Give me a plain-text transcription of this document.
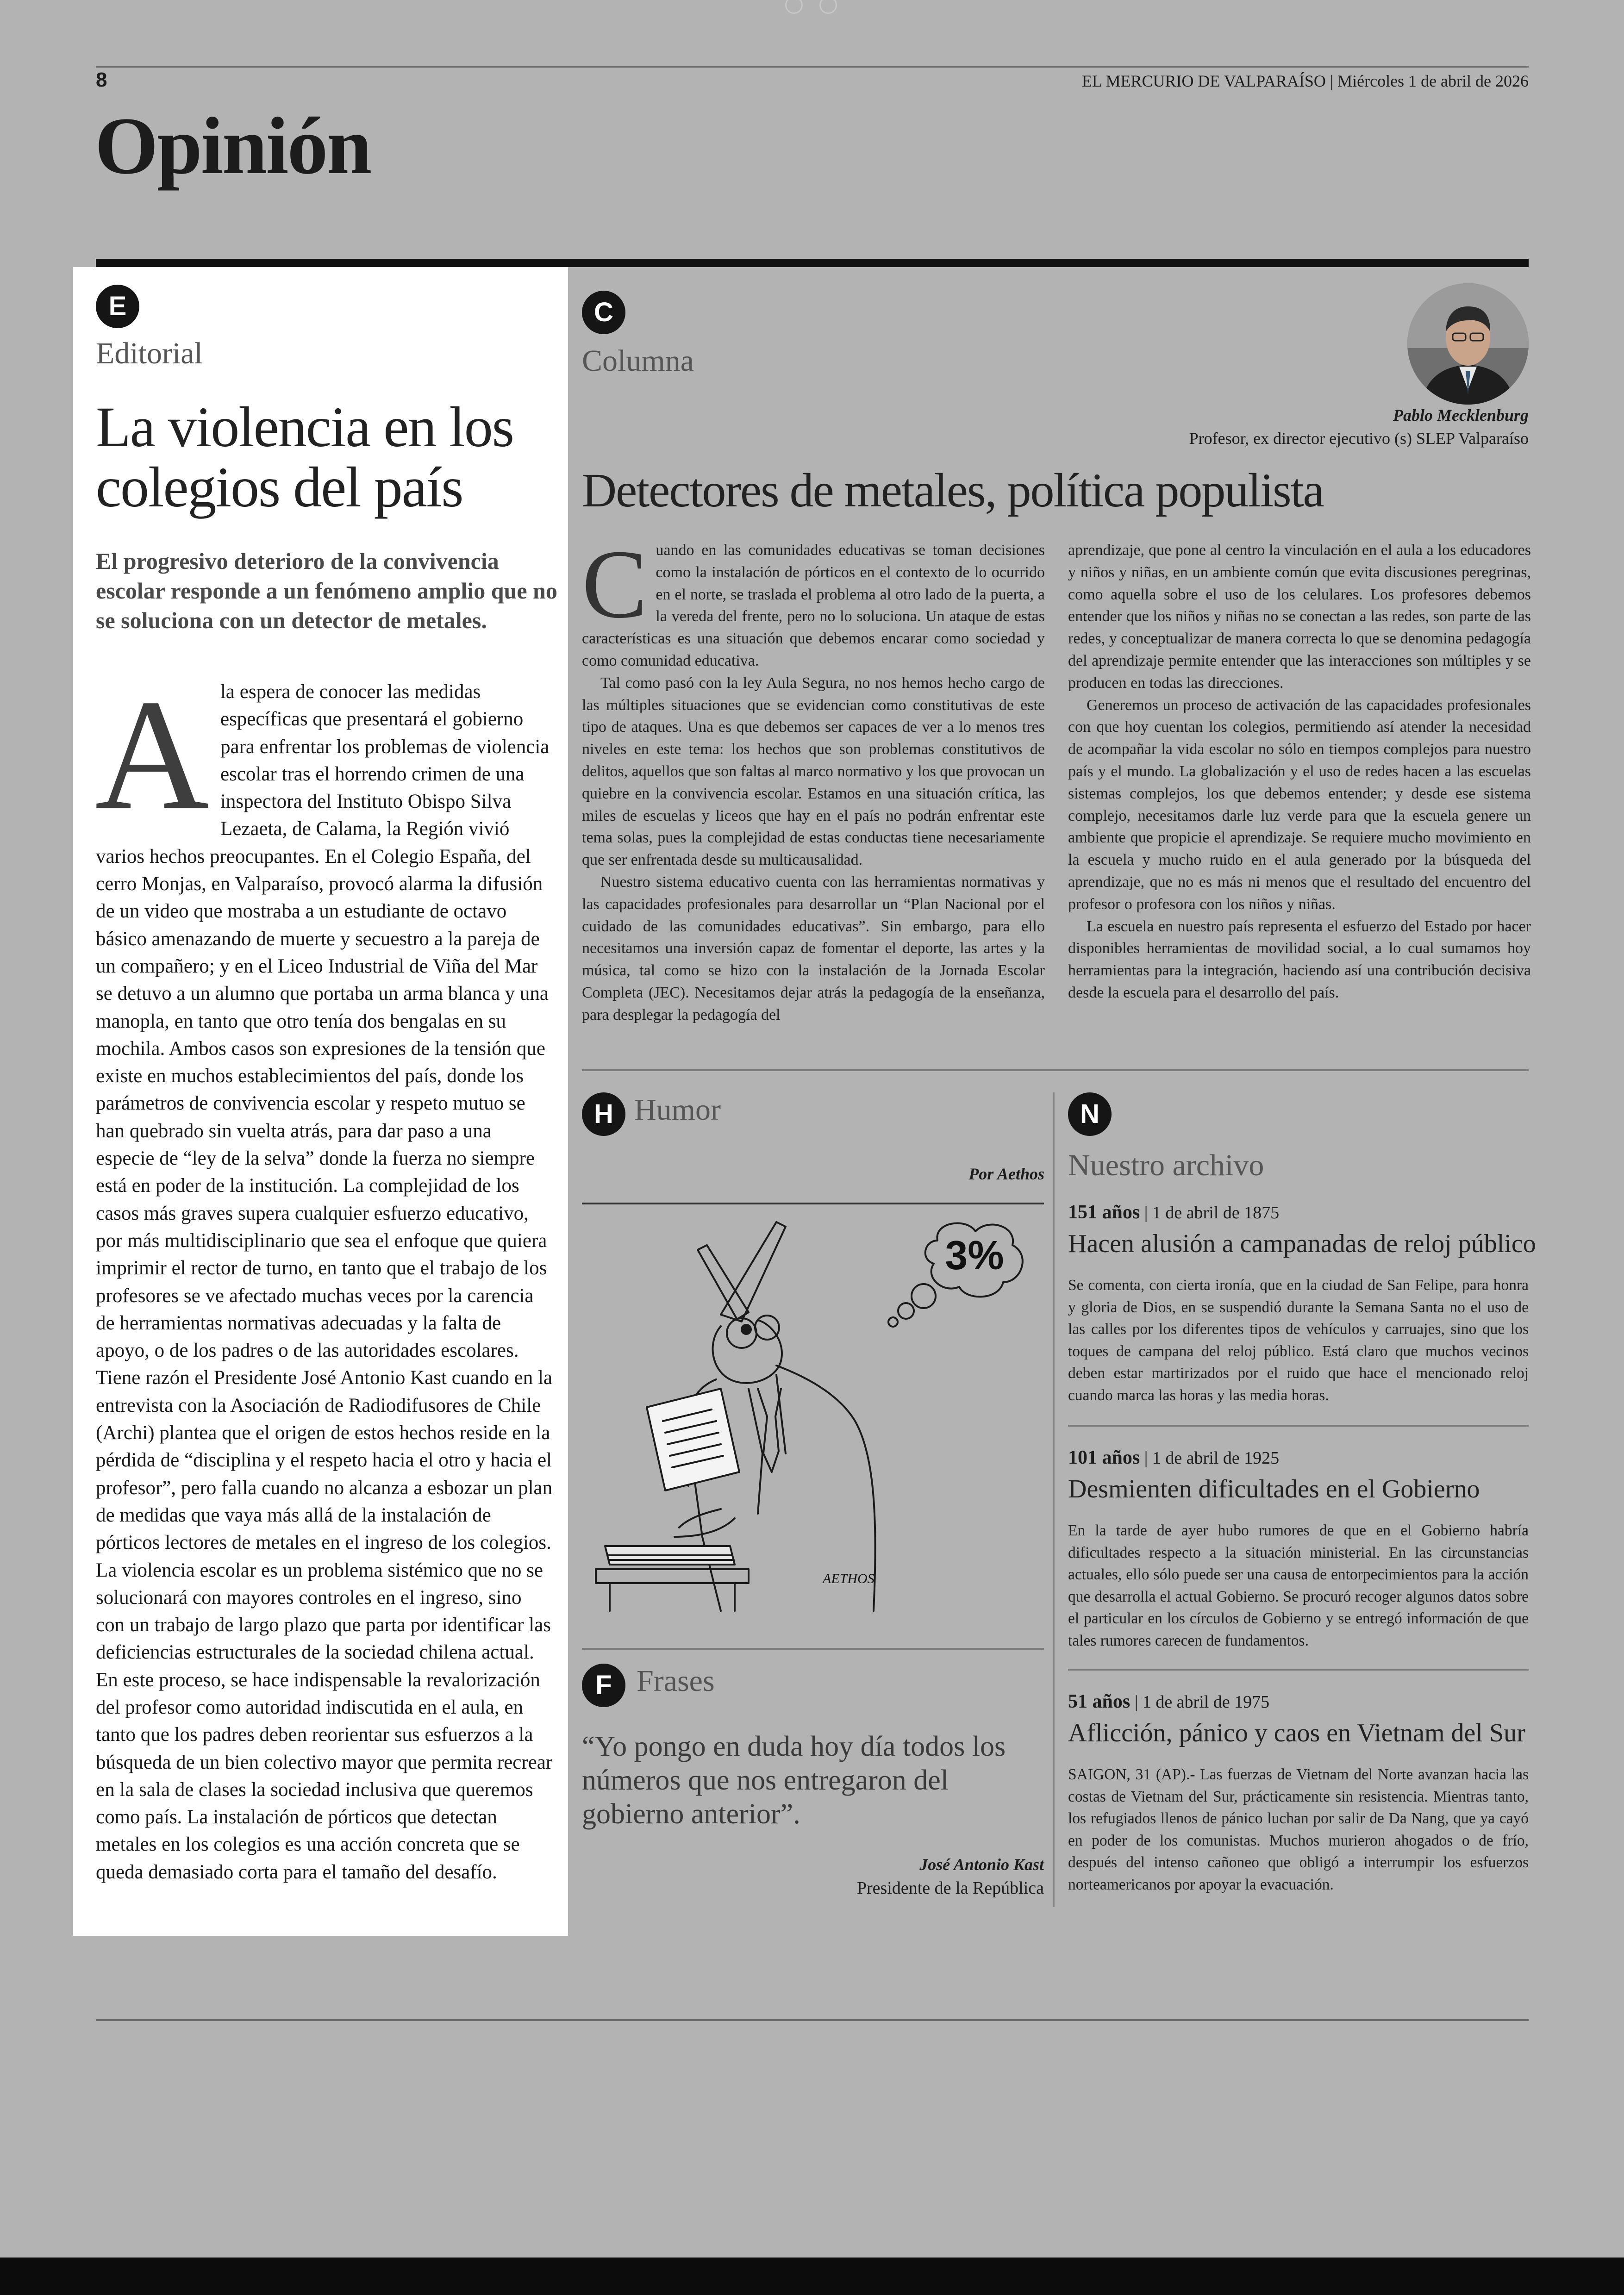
8	EL MERCURIO DE VALPARAÍSO | Miércoles 1 de abril de 2026
Opinión
E
Editorial
La violencia en los colegios del país
El progresivo deterioro de la convivencia escolar responde a un fenómeno amplio que no se soluciona con un detector de metales.
A la espera de conocer las medidas específicas que presentará el gobierno para enfrentar los problemas de violencia escolar tras el horrendo crimen de una inspectora del Instituto Obispo Silva Lezaeta, de Calama, la Región vivió varios hechos preocupantes. En el Colegio España, del cerro Monjas, en Valparaíso, provocó alarma la difusión de un video que mostraba a un estudiante de octavo básico amenazando de muerte y secuestro a la pareja de un compañero; y en el Liceo Industrial de Viña del Mar se detuvo a un alumno que portaba un arma blanca y una manopla, en tanto que otro tenía dos bengalas en su mochila. Ambos casos son expresiones de la tensión que existe en muchos establecimientos del país, donde los parámetros de convivencia escolar y respeto mutuo se han quebrado sin vuelta atrás, para dar paso a una especie de “ley de la selva” donde la fuerza no siempre está en poder de la institución. La complejidad de los casos más graves supera cualquier esfuerzo educativo, por más multidisciplinario que sea el enfoque que quiera imprimir el rector de turno, en tanto que el trabajo de los profesores se ve afectado muchas veces por la carencia de herramientas normativas adecuadas y la falta de apoyo, o de los padres o de las autoridades escolares.

Tiene razón el Presidente José Antonio Kast cuando en la entrevista con la Asociación de Radiodifusores de Chile (Archi) plantea que el origen de estos hechos reside en la pérdida de “disciplina y el respeto hacia el otro y hacia el profesor”, pero falla cuando no alcanza a esbozar un plan de medidas que vaya más allá de la instalación de pórticos lectores de metales en el ingreso de los colegios. La violencia escolar es un problema sistémico que no se solucionará con mayores controles en el ingreso, sino con un trabajo de largo plazo que parta por identificar las deficiencias estructurales de la sociedad chilena actual. En este proceso, se hace indispensable la revalorización del profesor como autoridad indiscutida en el aula, en tanto que los padres deben reorientar sus esfuerzos a la búsqueda de un bien colectivo mayor que permita recrear en la sala de clases la sociedad inclusiva que queremos como país. La instalación de pórticos que detectan metales en los colegios es una acción concreta que se queda demasiado corta para el tamaño del desafío.

C
Columna
Pablo Mecklenburg
Profesor, ex director ejecutivo (s) SLEP Valparaíso
Detectores de metales, política populista
C uando en las comunidades educativas se toman decisiones como la instalación de pórticos en el contexto de lo ocurrido en el norte, se traslada el problema al otro lado de la puerta, a la vereda del frente, pero no lo soluciona. Un ataque de estas características es una situación que debemos encarar como sociedad y como comunidad educativa.

Tal como pasó con la ley Aula Segura, no nos hemos hecho cargo de las múltiples situaciones que se evidencian como constitutivas de este tipo de ataques. Una es que debemos ser capaces de ver a lo menos tres niveles en este tema: los hechos que son problemas constitutivos de delitos, aquellos que son faltas al marco normativo y los que provocan un quiebre en la convivencia escolar. Estamos en una situación crítica, las miles de escuelas y liceos que hay en el país no podrán enfrentar este tema solas, pues la complejidad de estas conductas tiene necesariamente que ser enfrentada desde su multicausalidad.

Nuestro sistema educativo cuenta con las herramientas normativas y las capacidades profesionales para desarrollar un “Plan Nacional por el cuidado de las comunidades educativas”. Sin embargo, para ello necesitamos una inversión capaz de fomentar el deporte, las artes y la música, tal como se hizo con la instalación de la Jornada Escolar Completa (JEC). Necesitamos dejar atrás la pedagogía de la enseñanza, para desplegar la pedagogía del

aprendizaje, que pone al centro la vinculación en el aula a los educadores y niños y niñas, en un ambiente común que evita discusiones peregrinas, como aquella sobre el uso de los celulares. Los profesores debemos entender que los niños y niñas no se conectan a las redes, son parte de las redes, y conceptualizar de manera correcta lo que se denomina pedagogía del aprendizaje permite entender que las interacciones son múltiples y se producen en todas las direcciones.

Generemos un proceso de activación de las capacidades profesionales con que hoy cuentan los colegios, permitiendo así atender la necesidad de acompañar la vida escolar no sólo en tiempos complejos para nuestro país y el mundo. La globalización y el uso de redes hacen a las escuelas sistemas complejos, los que debemos entender; y desde ese sistema complejo, necesitamos darle luz verde para que la escuela genere un ambiente que propicie el aprendizaje. Se requiere mucho movimiento en la escuela y mucho ruido en el aula generado por la búsqueda del aprendizaje, que no es más ni menos que el resultado del encuentro del profesor o profesora con los niños y niñas.

La escuela en nuestro país representa el esfuerzo del Estado por hacer disponibles herramientas de movilidad social, a lo cual sumamos hoy herramientas para la integración, haciendo así una contribución decisiva desde la escuela para el desarrollo del país.

H Humor
Por Aethos
3%
AETHOS
F Frases
“Yo pongo en duda hoy día todos los números que nos entregaron del gobierno anterior”.
José Antonio Kast
Presidente de la República
N
Nuestro archivo
151 años | 1 de abril de 1875
Hacen alusión a campanadas de reloj público
Se comenta, con cierta ironía, que en la ciudad de San Felipe, para honra y gloria de Dios, en se suspendió durante la Semana Santa no el uso de las calles por los diferentes tipos de vehículos y carruajes, sino que los toques de campana del reloj público. Está claro que muchos vecinos deben estar martirizados por el ruido que hace el mencionado reloj cuando marca las horas y las media horas.
101 años | 1 de abril de 1925
Desmienten dificultades en el Gobierno
En la tarde de ayer hubo rumores de que en el Gobierno habría dificultades respecto a la situación ministerial. En las circunstancias actuales, ello sólo puede ser una causa de entorpecimientos para la acción que desarrolla el actual Gobierno. Se procuró recoger algunos datos sobre el particular en los círculos de Gobierno y se entregó información de que tales rumores carecen de fundamentos.
51 años | 1 de abril de 1975
Aflicción, pánico y caos en Vietnam del Sur
SAIGON, 31 (AP).- Las fuerzas de Vietnam del Norte avanzan hacia las costas de Vietnam del Sur, prácticamente sin resistencia. Mientras tanto, los refugiados llenos de pánico luchan por salir de Da Nang, que ya cayó en poder de los comunistas. Muchos murieron ahogados o de frío, después del intenso cañoneo que obligó a interrumpir los esfuerzos norteamericanos por apoyar la evacuación.
